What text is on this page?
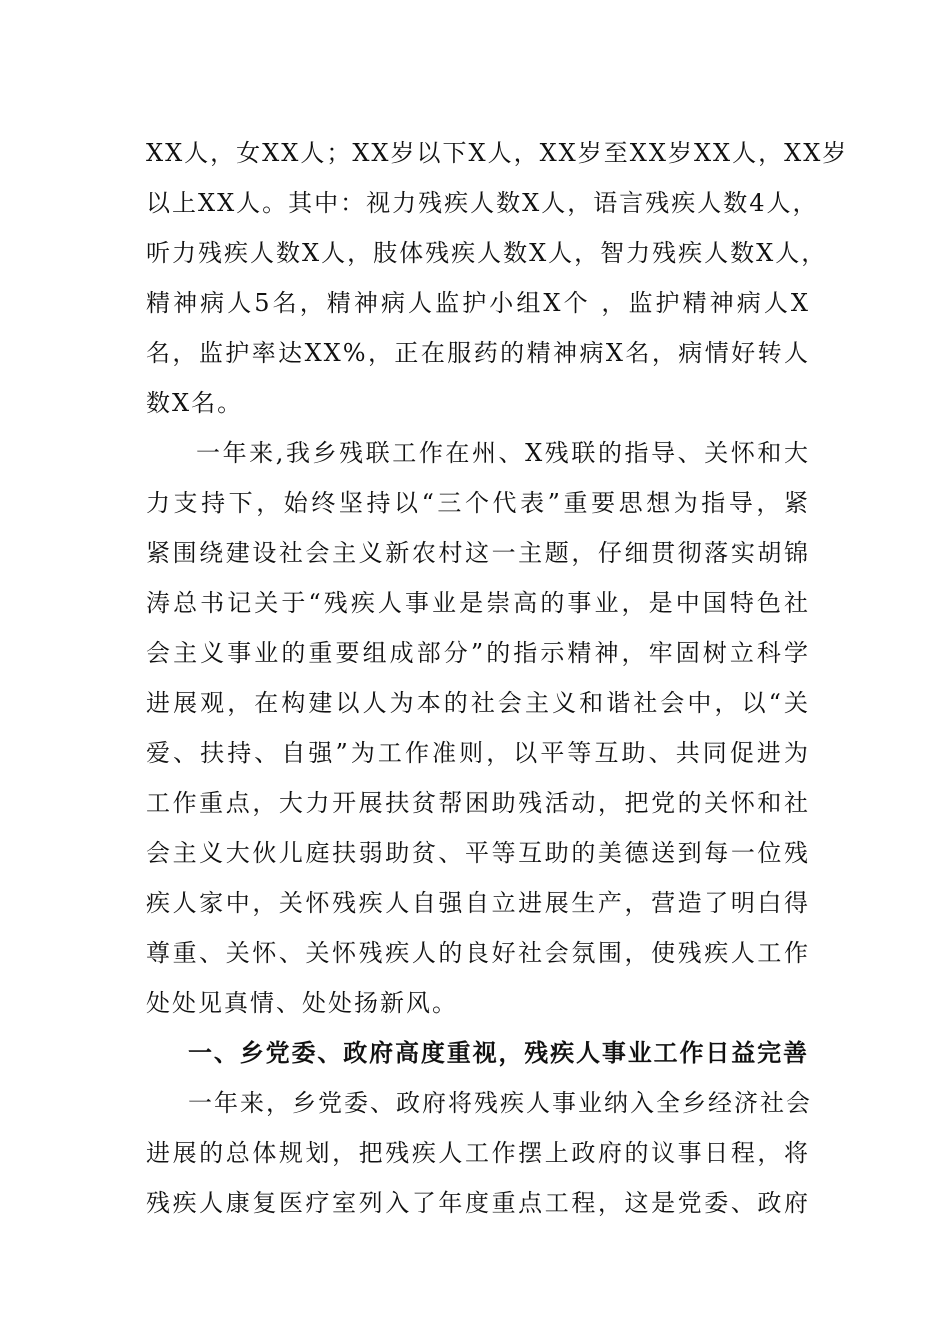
XX人，女XX人；XX岁以下X人，XX岁至XX岁XX人，XX岁
以上XX人。其中：视力残疾人数X人，语言残疾人数4人，
听力残疾人数X人，肢体残疾人数X人，智力残疾人数X人，
精神病人5名，精神病人监护小组X个 ，监护精神病人X
名，监护率达XX%，正在服药的精神病X名，病情好转人
数X名。
一年来,我乡残联工作在州、X残联的指导、关怀和大
力支持下，始终坚持以“三个代表”重要思想为指导，紧
紧围绕建设社会主义新农村这一主题，仔细贯彻落实胡锦
涛总书记关于“残疾人事业是崇高的事业，是中国特色社
会主义事业的重要组成部分”的指示精神，牢固树立科学
进展观，在构建以人为本的社会主义和谐社会中，以“关
爱、扶持、自强”为工作准则，以平等互助、共同促进为
工作重点，大力开展扶贫帮困助残活动，把党的关怀和社
会主义大伙儿庭扶弱助贫、平等互助的美德送到每一位残
疾人家中，关怀残疾人自强自立进展生产，营造了明白得
尊重、关怀、关怀残疾人的良好社会氛围，使残疾人工作
处处见真情、处处扬新风。
一、乡党委、政府高度重视，残疾人事业工作日益完善
一年来，乡党委、政府将残疾人事业纳入全乡经济社会
进展的总体规划，把残疾人工作摆上政府的议事日程，将
残疾人康复医疗室列入了年度重点工程，这是党委、政府
